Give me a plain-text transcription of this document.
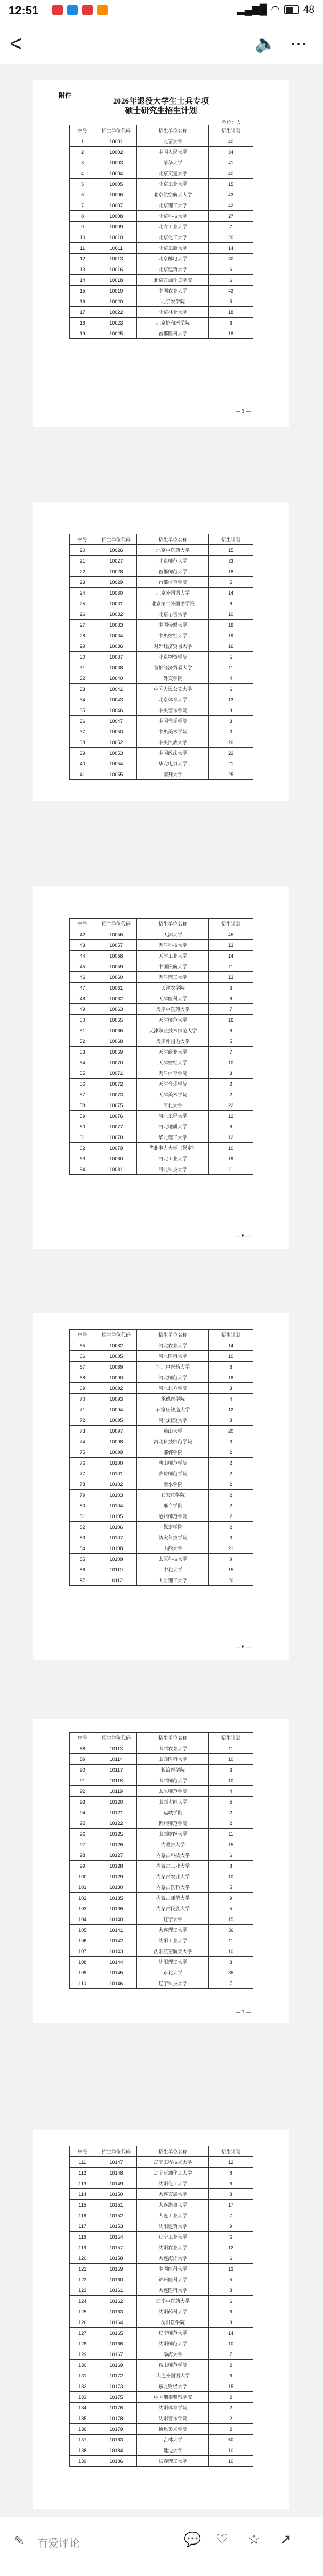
12:51	▂▄▆█ ◠ 48
<	🔈 ⋯
附件
2026年退役大学生士兵专项
硕士研究生招生计划
单位：人
序号	招生单位代码	招生单位名称	招生计划
1	10001	北京大学	40
2	10002	中国人民大学	34
3	10003	清华大学	41
4	10004	北京交通大学	40
5	10005	北京工业大学	15
6	10006	北京航空航天大学	43
7	10007	北京理工大学	42
8	10008	北京科技大学	27
9	10009	北方工业大学	7
10	10010	北京化工大学	20
11	10011	北京工商大学	14
12	10013	北京邮电大学	30
13	10016	北京建筑大学	6
14	10018	北京石油化工学院	6
15	10019	中国农业大学	43
16	10020	北京农学院	5
17	10022	北京林业大学	18
18	10023	北京协和医学院	6
19	10025	首都医科大学	18
— 3 —
序号	招生单位代码	招生单位名称	招生计划
20	10026	北京中医药大学	15
21	10027	北京师范大学	33
22	10028	首都师范大学	18
23	10029	首都体育学院	5
24	10030	北京外国语大学	14
25	10031	北京第二外国语学院	6
26	10032	北京语言大学	10
27	10033	中国传媒大学	18
28	10034	中央财经大学	19
29	10036	对外经济贸易大学	16
30	10037	北京物资学院	5
31	10038	首都经济贸易大学	11
32	10040	外交学院	4
33	10041	中国人民公安大学	6
34	10043	北京体育大学	13
35	10046	中央音乐学院	3
36	10047	中国音乐学院	3
37	10050	中央美术学院	3
38	10052	中央民族大学	20
39	10053	中国政法大学	22
40	10054	华北电力大学	21
41	10055	南开大学	25
序号	招生单位代码	招生单位名称	招生计划
42	10056	天津大学	45
43	10057	天津科技大学	13
44	10058	天津工业大学	14
45	10059	中国民航大学	11
46	10060	天津理工大学	13
47	10061	天津农学院	3
48	10062	天津医科大学	8
49	10063	天津中医药大学	7
50	10065	天津师范大学	16
51	10066	天津职业技术师范大学	6
52	10068	天津外国语大学	5
53	10069	天津商业大学	7
54	10070	天津财经大学	10
55	10071	天津体育学院	3
56	10072	天津音乐学院	2
57	10073	天津美术学院	2
58	10075	河北大学	22
59	10076	河北工程大学	12
60	10077	河北地质大学	6
61	10078	华北理工大学	12
62	10079	华北电力大学（保定）	10
63	10080	河北工业大学	19
64	10081	河北科技大学	11
— 5 —
序号	招生单位代码	招生单位名称	招生计划
65	10082	河北农业大学	14
66	10085	河北医科大学	10
67	10089	河北中医药大学	6
68	10090	河北师范大学	18
69	10092	河北北方学院	3
70	10093	承德医学院	4
71	10094	石家庄铁道大学	12
72	10095	河北经贸大学	8
73	10097	燕山大学	20
74	10098	河北科技师范学院	3
75	10099	邯郸学院	2
76	10100	唐山师范学院	2
77	10101	廊坊师范学院	2
78	10102	衡水学院	2
79	10103	石家庄学院	2
80	10104	邢台学院	2
81	10105	沧州师范学院	2
82	10106	保定学院	2
83	10107	防灾科技学院	3
84	10108	山西大学	21
85	10109	太原科技大学	9
86	10110	中北大学	15
87	10112	太原理工大学	20
— 6 —
序号	招生单位代码	招生单位名称	招生计划
88	10113	山西农业大学	11
89	10114	山西医科大学	10
90	10117	长治医学院	3
91	10118	山西师范大学	10
92	10119	太原师范学院	4
93	10120	山西大同大学	5
94	10121	运城学院	2
95	10122	忻州师范学院	2
96	10125	山西财经大学	11
97	10126	内蒙古大学	15
98	10127	内蒙古科技大学	6
99	10128	内蒙古工业大学	8
100	10129	内蒙古农业大学	10
101	10130	内蒙古医科大学	5
102	10135	内蒙古师范大学	9
103	10136	内蒙古民族大学	5
104	10140	辽宁大学	15
105	10141	大连理工大学	36
106	10142	沈阳工业大学	11
107	10143	沈阳航空航天大学	10
108	10144	沈阳理工大学	8
109	10145	东北大学	35
110	10146	辽宁科技大学	7
— 7 —
序号	招生单位代码	招生单位名称	招生计划
111	10147	辽宁工程技术大学	12
112	10148	辽宁石油化工大学	8
113	10149	沈阳化工大学	6
114	10150	大连交通大学	8
115	10151	大连海事大学	17
116	10152	大连工业大学	7
117	10153	沈阳建筑大学	9
118	10154	辽宁工业大学	6
119	10157	沈阳农业大学	12
120	10158	大连海洋大学	6
121	10159	中国医科大学	13
122	10160	锦州医科大学	5
123	10161	大连医科大学	8
124	10162	辽宁中医药大学	6
125	10163	沈阳药科大学	6
126	10164	沈阳医学院	3
127	10165	辽宁师范大学	14
128	10166	沈阳师范大学	10
129	10167	渤海大学	7
130	10169	鞍山师范学院	2
131	10172	大连外国语大学	6
132	10173	东北财经大学	15
133	10175	中国刑事警察学院	2
134	10176	沈阳体育学院	2
135	10178	沈阳音乐学院	2
136	10179	鲁迅美术学院	2
137	10183	吉林大学	50
138	10184	延边大学	10
139	10186	长春理工大学	10
✎ 有爱评论	💬 ♡ ☆ ↗
